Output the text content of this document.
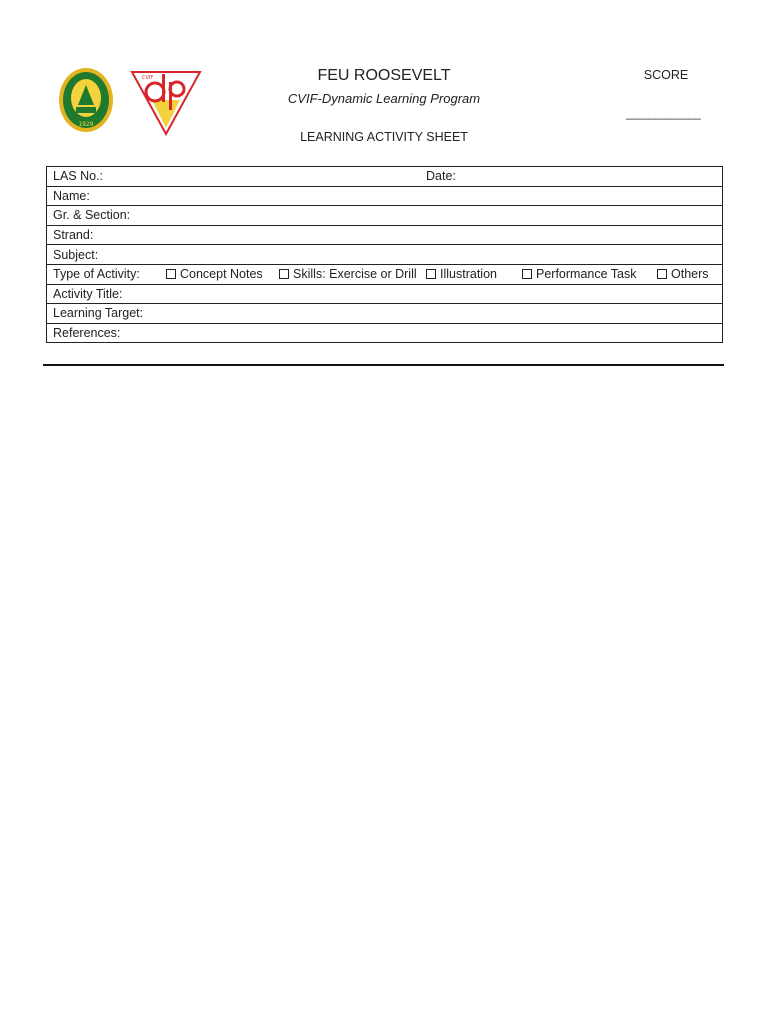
1929
CVIF	FEU ROOSEVELT
CVIF-Dynamic Learning Program
LEARNING ACTIVITY SHEET
SCORE
_____________
LAS No.:	Date:

Name:
Gr. & Section:
Strand:
Subject:
Type of Activity:	Concept Notes	Skills: Exercise or Drill	Illustration	Performance Task	Others

Activity Title:
Learning Target:
References:
